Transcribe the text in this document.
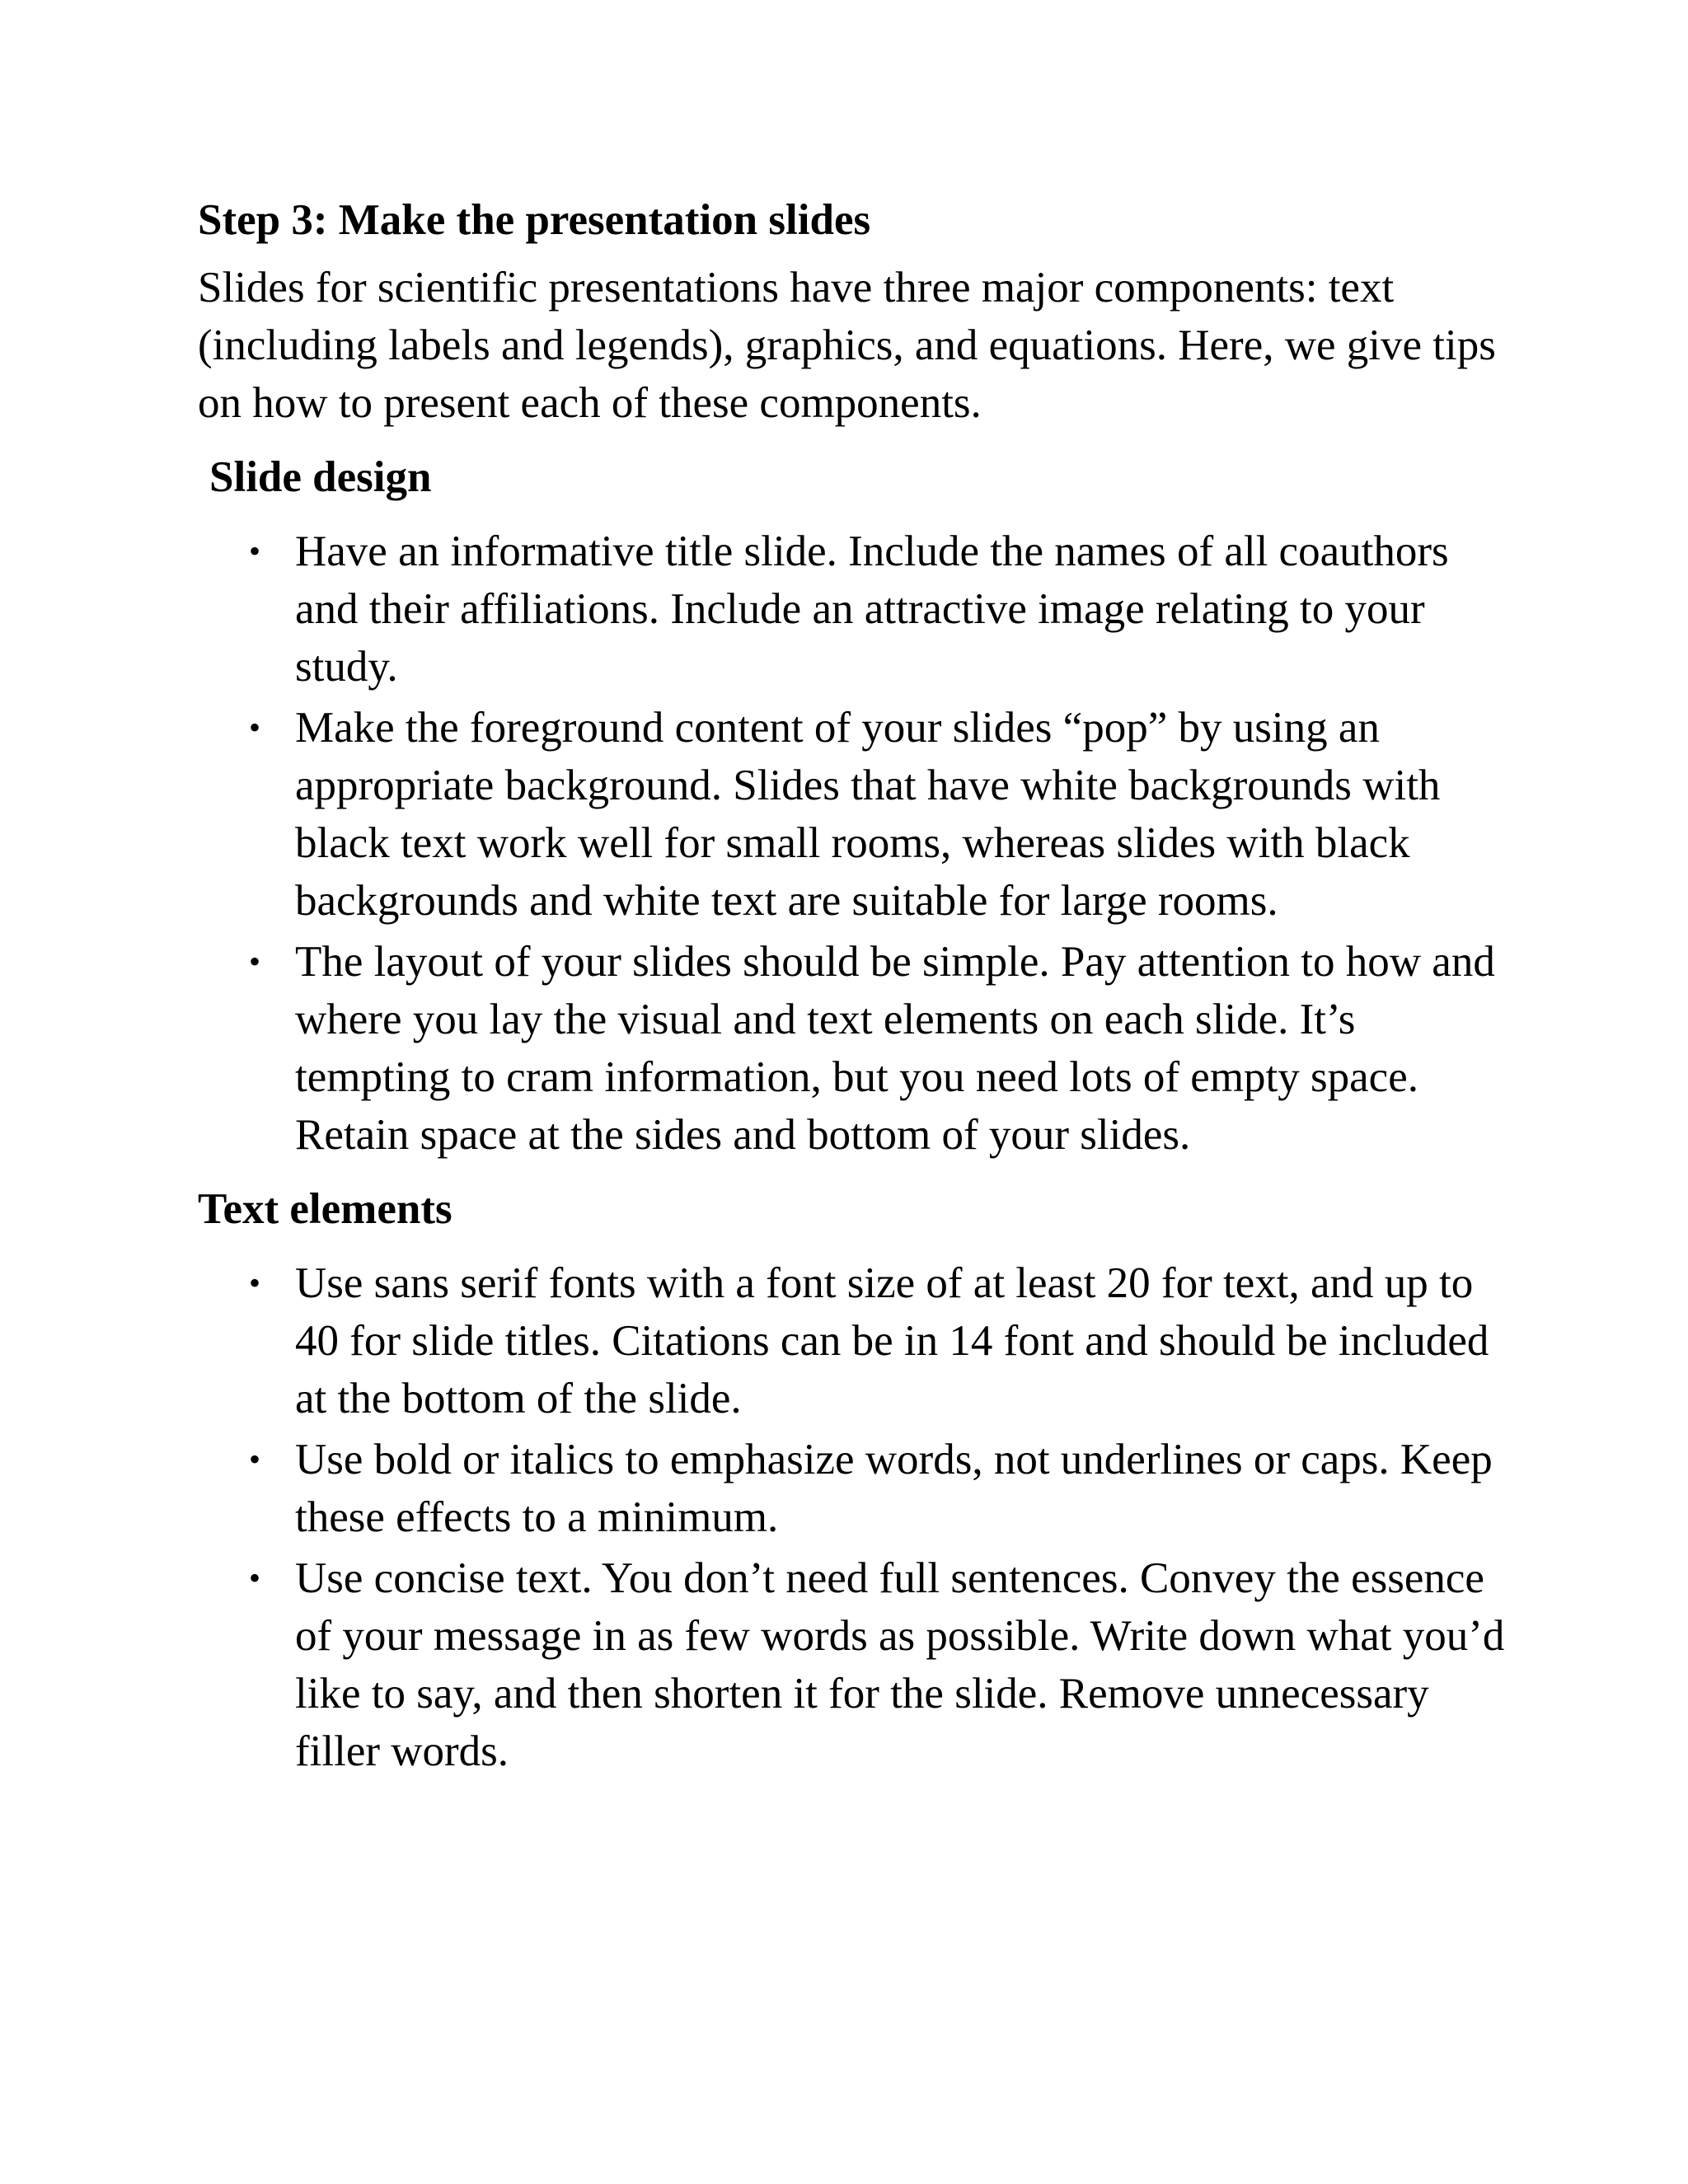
Step 3: Make the presentation slides

Slides for scientific presentations have three major components: text (including labels and legends), graphics, and equations. Here, we give tips on how to present each of these components.

Slide design
• Have an informative title slide. Include the names of all coauthors and their affiliations. Include an attractive image relating to your study.
• Make the foreground content of your slides “pop” by using an appropriate background. Slides that have white backgrounds with black text work well for small rooms, whereas slides with black backgrounds and white text are suitable for large rooms.
• The layout of your slides should be simple. Pay attention to how and where you lay the visual and text elements on each slide. It’s tempting to cram information, but you need lots of empty space. Retain space at the sides and bottom of your slides.
Text elements
• Use sans serif fonts with a font size of at least 20 for text, and up to 40 for slide titles. Citations can be in 14 font and should be included at the bottom of the slide.
• Use bold or italics to emphasize words, not underlines or caps. Keep these effects to a minimum.
• Use concise text. You don’t need full sentences. Convey the essence of your message in as few words as possible. Write down what you’d like to say, and then shorten it for the slide. Remove unnecessary filler words.
